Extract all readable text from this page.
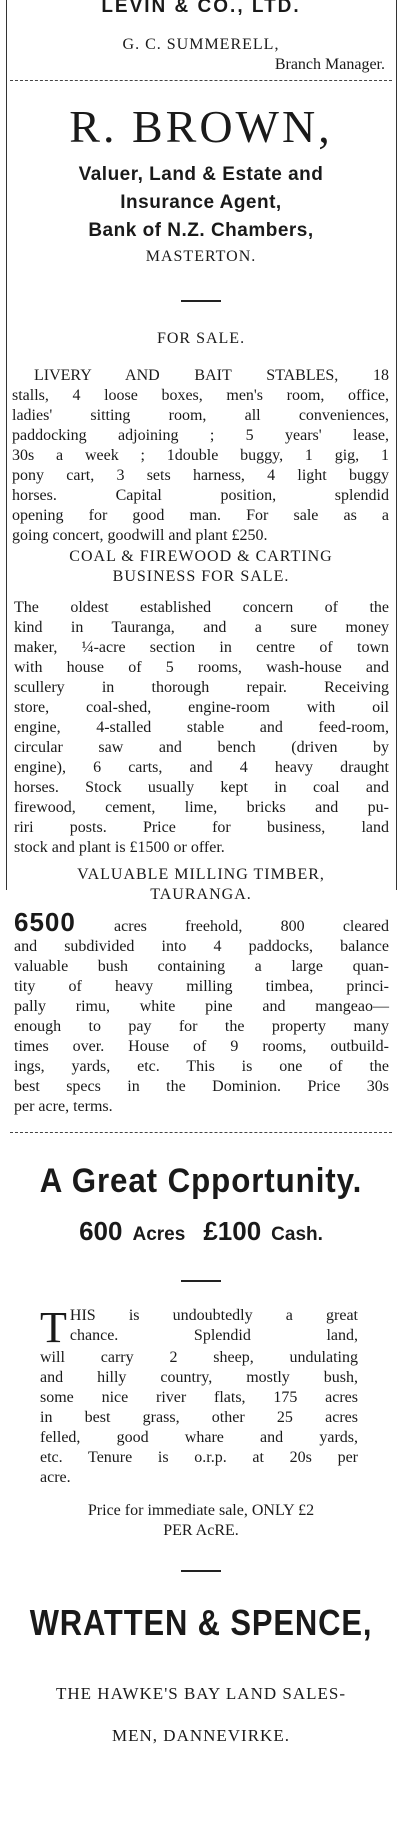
LEVIN & CO., LTD.
G. C. SUMMERELL,
Branch Manager.
R. BROWN,
Valuer, Land & Estate and
Insurance Agent,
Bank of N.Z. Chambers,
MASTERTON.
FOR SALE.
LIVERY AND BAIT STABLES, 18
stalls, 4 loose boxes, men's room, office,
ladies' sitting room, all conveniences,
paddocking adjoining ; 5 years' lease,
30s a week ; 1double buggy, 1 gig, 1
pony cart, 3 sets harness, 4 light buggy
horses. Capital position, splendid
opening for good man. For sale as a
going concert, goodwill and plant £250.
COAL & FIREWOOD & CARTING
BUSINESS FOR SALE.
The oldest established concern of the
kind in Tauranga, and a sure money
maker, ¼-acre section in centre of town
with house of 5 rooms, wash-house and
scullery in thorough repair. Receiving
store, coal-shed, engine-room with oil
engine, 4-stalled stable and feed-room,
circular saw and bench (driven by
engine), 6 carts, and 4 heavy draught
horses. Stock usually kept in coal and
firewood, cement, lime, bricks and pu-
riri posts. Price for business, land
stock and plant is £1500 or offer.
VALUABLE MILLING TIMBER,
TAURANGA.
6500 acres freehold, 800 cleared
and subdivided into 4 paddocks, balance
valuable bush containing a large quan-
tity of heavy milling timbea, princi-
pally rimu, white pine and mangeao—
enough to pay for the property many
times over. House of 9 rooms, outbuild-
ings, yards, etc. This is one of the
best specs in the Dominion. Price 30s
per acre, terms.
A Great Cpportunity.
600 Acres £100 Cash.
T HIS is undoubtedly a great
chance. Splendid land,
will carry 2 sheep, undulating
and hilly country, mostly bush,
some nice river flats, 175 acres
in best grass, other 25 acres
felled, good whare and yards,
etc. Tenure is o.r.p. at 20s per
acre.
Price for immediate sale, ONLY £2
PER AcRE.
WRATTEN & SPENCE,
THE HAWKE'S BAY LAND SALES-
MEN, DANNEVIRKE.
